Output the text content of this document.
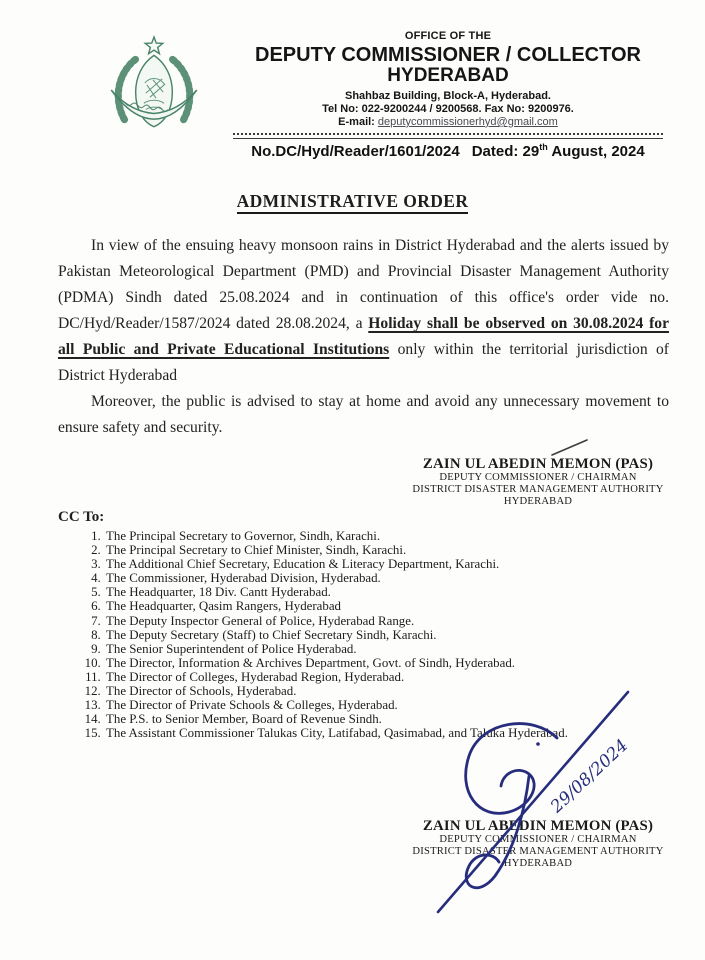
OFFICE OF THE
DEPUTY COMMISSIONER / COLLECTOR
HYDERABAD
Shahbaz Building, Block-A, Hyderabad.
Tel No: 022-9200244 / 9200568. Fax No: 9200976.
E-mail: deputycommissionerhyd@gmail.com
No.DC/Hyd/Reader/1601/2024 Dated: 29th August, 2024
ADMINISTRATIVE ORDER

In view of the ensuing heavy monsoon rains in District Hyderabad and the alerts issued by Pakistan Meteorological Department (PMD) and Provincial Disaster Management Authority (PDMA) Sindh dated 25.08.2024 and in continuation of this office's order vide no. DC/Hyd/Reader/1587/2024 dated 28.08.2024, a Holiday shall be observed on 30.08.2024 for all Public and Private Educational Institutions only within the territorial jurisdiction of District Hyderabad

Moreover, the public is advised to stay at home and avoid any unnecessary movement to ensure safety and security.

ZAIN UL ABEDIN MEMON (PAS)
DEPUTY COMMISSIONER / CHAIRMAN
DISTRICT DISASTER MANAGEMENT AUTHORITY
HYDERABAD
CC To:
1. The Principal Secretary to Governor, Sindh, Karachi.
2. The Principal Secretary to Chief Minister, Sindh, Karachi.
3. The Additional Chief Secretary, Education & Literacy Department, Karachi.
4. The Commissioner, Hyderabad Division, Hyderabad.
5. The Headquarter, 18 Div. Cantt Hyderabad.
6. The Headquarter, Qasim Rangers, Hyderabad
7. The Deputy Inspector General of Police, Hyderabad Range.
8. The Deputy Secretary (Staff) to Chief Secretary Sindh, Karachi.
9. The Senior Superintendent of Police Hyderabad.
10. The Director, Information & Archives Department, Govt. of Sindh, Hyderabad.
11. The Director of Colleges, Hyderabad Region, Hyderabad.
12. The Director of Schools, Hyderabad.
13. The Director of Private Schools & Colleges, Hyderabad.
14. The P.S. to Senior Member, Board of Revenue Sindh.
15. The Assistant Commissioner Talukas City, Latifabad, Qasimabad, and Taluka Hyderabad.
ZAIN UL ABEDIN MEMON (PAS)
DEPUTY COMMISSIONER / CHAIRMAN
DISTRICT DISASTER MANAGEMENT AUTHORITY
HYDERABAD
29/08/2024
